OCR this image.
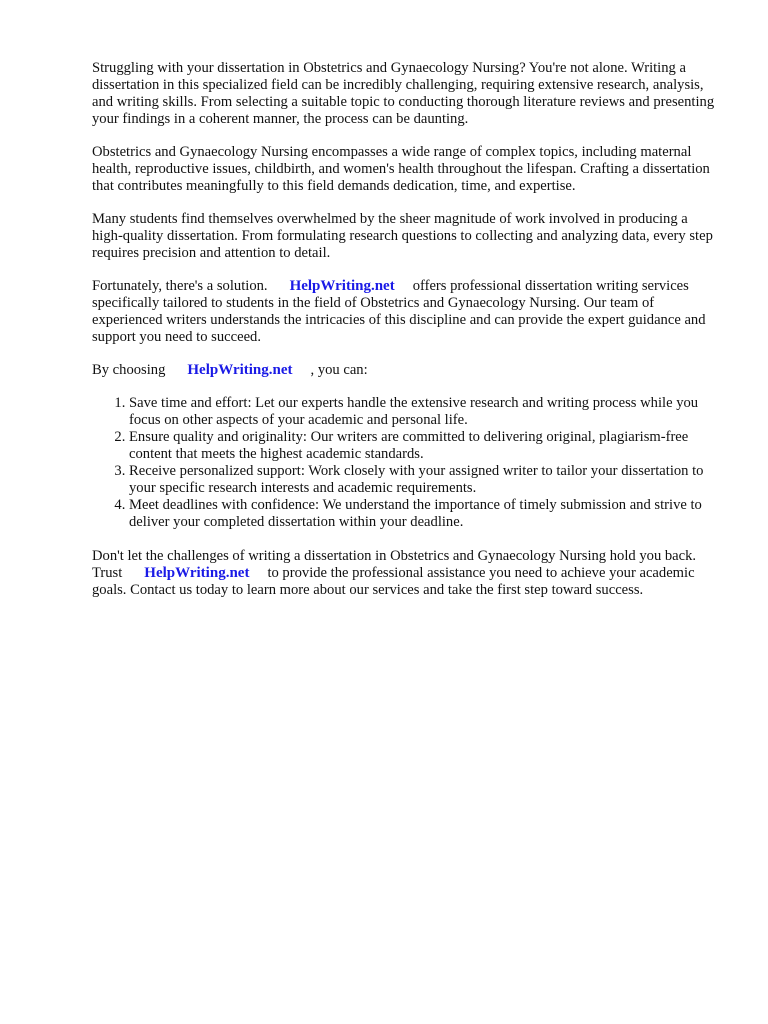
Struggling with your dissertation in Obstetrics and Gynaecology Nursing? You're not alone. Writing a dissertation in this specialized field can be incredibly challenging, requiring extensive research, analysis, and writing skills. From selecting a suitable topic to conducting thorough literature reviews and presenting your findings in a coherent manner, the process can be daunting.

Obstetrics and Gynaecology Nursing encompasses a wide range of complex topics, including maternal health, reproductive issues, childbirth, and women's health throughout the lifespan. Crafting a dissertation that contributes meaningfully to this field demands dedication, time, and expertise.

Many students find themselves overwhelmed by the sheer magnitude of work involved in producing a high-quality dissertation. From formulating research questions to collecting and analyzing data, every step requires precision and attention to detail.

Fortunately, there's a solution. HelpWriting.net offers professional dissertation writing services specifically tailored to students in the field of Obstetrics and Gynaecology Nursing. Our team of experienced writers understands the intricacies of this discipline and can provide the expert guidance and support you need to succeed.

By choosing HelpWriting.net , you can:

1. Save time and effort: Let our experts handle the extensive research and writing process while you focus on other aspects of your academic and personal life.
2. Ensure quality and originality: Our writers are committed to delivering original, plagiarism-free content that meets the highest academic standards.
3. Receive personalized support: Work closely with your assigned writer to tailor your dissertation to your specific research interests and academic requirements.
4. Meet deadlines with confidence: We understand the importance of timely submission and strive to deliver your completed dissertation within your deadline.

Don't let the challenges of writing a dissertation in Obstetrics and Gynaecology Nursing hold you back. Trust HelpWriting.net to provide the professional assistance you need to achieve your academic goals. Contact us today to learn more about our services and take the first step toward success.
